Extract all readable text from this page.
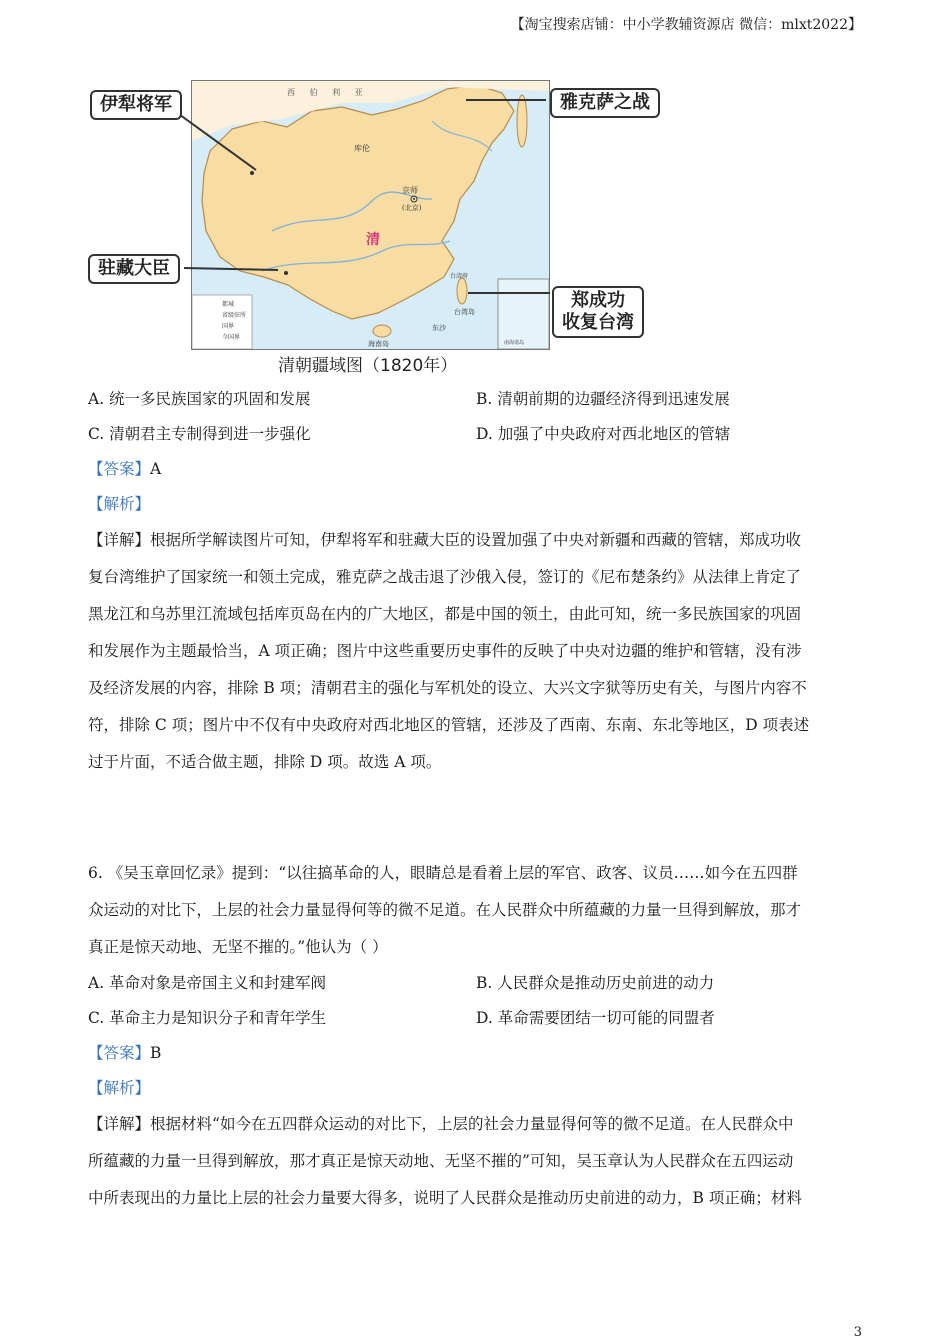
【淘宝搜索店铺：中小学教辅资源店 微信：mlxt2022】
西 伯 利 亚
清
京师
(北京)
库伦
台湾府
台湾岛
东沙
海南岛	南海诸岛
都城
省级驻所
国界
今国界
伊犁将军	雅克萨之战
驻藏大臣
郑成功
收复台湾
清朝疆域图（1820年）
A. 统一多民族国家的巩固和发展	B. 清朝前期的边疆经济得到迅速发展
C. 清朝君主专制得到进一步强化	D. 加强了中央政府对西北地区的管辖
【答案】A
【解析】
【详解】根据所学解读图片可知，伊犁将军和驻藏大臣的设置加强了中央对新疆和西藏的管辖，郑成功收
复台湾维护了国家统一和领土完成，雅克萨之战击退了沙俄入侵，签订的《尼布楚条约》从法律上肯定了
黑龙江和乌苏里江流域包括库页岛在内的广大地区，都是中国的领土，由此可知，统一多民族国家的巩固
和发展作为主题最恰当，A 项正确；图片中这些重要历史事件的反映了中央对边疆的维护和管辖，没有涉
及经济发展的内容，排除 B 项；清朝君主的强化与军机处的设立、大兴文字狱等历史有关，与图片内容不
符，排除 C 项；图片中不仅有中央政府对西北地区的管辖，还涉及了西南、东南、东北等地区，D 项表述
过于片面，不适合做主题，排除 D 项。故选 A 项。
6. 《吴玉章回忆录》提到：“以往搞革命的人，眼睛总是看着上层的军官、政客、议员……如今在五四群
众运动的对比下，上层的社会力量显得何等的微不足道。在人民群众中所蕴藏的力量一旦得到解放，那才
真正是惊天动地、无坚不摧的。”他认为（ ）
A. 革命对象是帝国主义和封建军阀	B. 人民群众是推动历史前进的动力
C. 革命主力是知识分子和青年学生	D. 革命需要团结一切可能的同盟者
【答案】B
【解析】
【详解】根据材料“如今在五四群众运动的对比下，上层的社会力量显得何等的微不足道。在人民群众中
所蕴藏的力量一旦得到解放，那才真正是惊天动地、无坚不摧的”可知，吴玉章认为人民群众在五四运动
中所表现出的力量比上层的社会力量要大得多，说明了人民群众是推动历史前进的动力，B 项正确；材料
3
